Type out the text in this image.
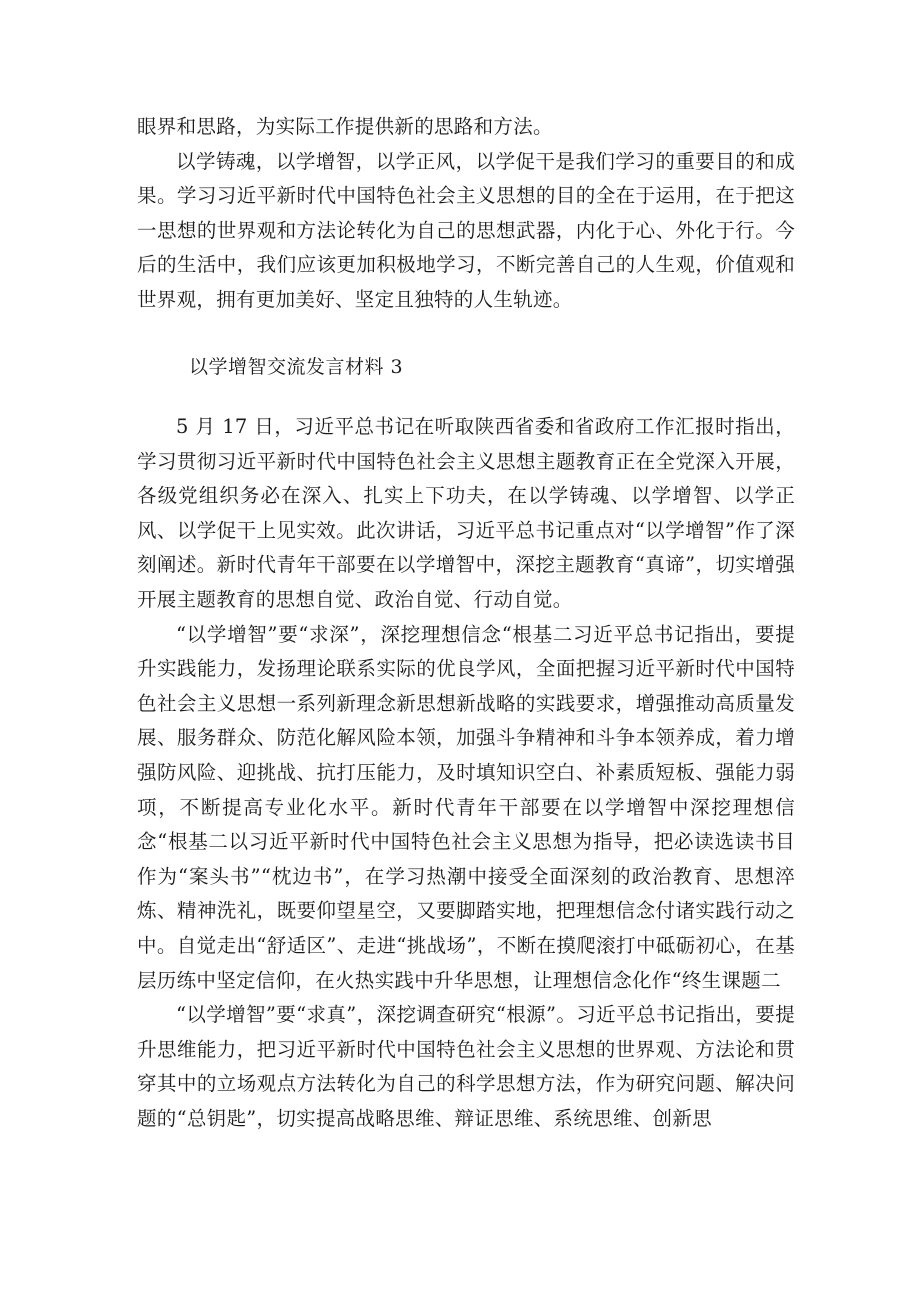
眼界和思路，为实际工作提供新的思路和方法。

以学铸魂，以学增智，以学正风，以学促干是我们学习的重要目的和成果。学习习近平新时代中国特色社会主义思想的目的全在于运用，在于把这一思想的世界观和方法论转化为自己的思想武器，内化于心、外化于行。今后的生活中，我们应该更加积极地学习，不断完善自己的人生观，价值观和世界观，拥有更加美好、坚定且独特的人生轨迹。

以学增智交流发言材料 3

5 月 17 日，习近平总书记在听取陕西省委和省政府工作汇报时指出，学习贯彻习近平新时代中国特色社会主义思想主题教育正在全党深入开展，各级党组织务必在深入、扎实上下功夫，在以学铸魂、以学增智、以学正风、以学促干上见实效。此次讲话，习近平总书记重点对“以学增智”作了深刻阐述。新时代青年干部要在以学增智中，深挖主题教育“真谛”，切实增强开展主题教育的思想自觉、政治自觉、行动自觉。

“以学增智”要“求深”，深挖理想信念“根基二习近平总书记指出，要提升实践能力，发扬理论联系实际的优良学风，全面把握习近平新时代中国特色社会主义思想一系列新理念新思想新战略的实践要求，增强推动高质量发展、服务群众、防范化解风险本领，加强斗争精神和斗争本领养成，着力增强防风险、迎挑战、抗打压能力，及时填知识空白、补素质短板、强能力弱项，不断提高专业化水平。新时代青年干部要在以学增智中深挖理想信念“根基二以习近平新时代中国特色社会主义思想为指导，把必读选读书目作为“案头书”“枕边书”，在学习热潮中接受全面深刻的政治教育、思想淬炼、精神洗礼，既要仰望星空，又要脚踏实地，把理想信念付诸实践行动之中。自觉走出“舒适区”、走进“挑战场”，不断在摸爬滚打中砥砺初心，在基层历练中坚定信仰，在火热实践中升华思想，让理想信念化作“终生课题二

“以学增智”要“求真”，深挖调查研究“根源”。习近平总书记指出，要提升思维能力，把习近平新时代中国特色社会主义思想的世界观、方法论和贯穿其中的立场观点方法转化为自己的科学思想方法，作为研究问题、解决问题的“总钥匙”，切实提高战略思维、辩证思维、系统思维、创新思
